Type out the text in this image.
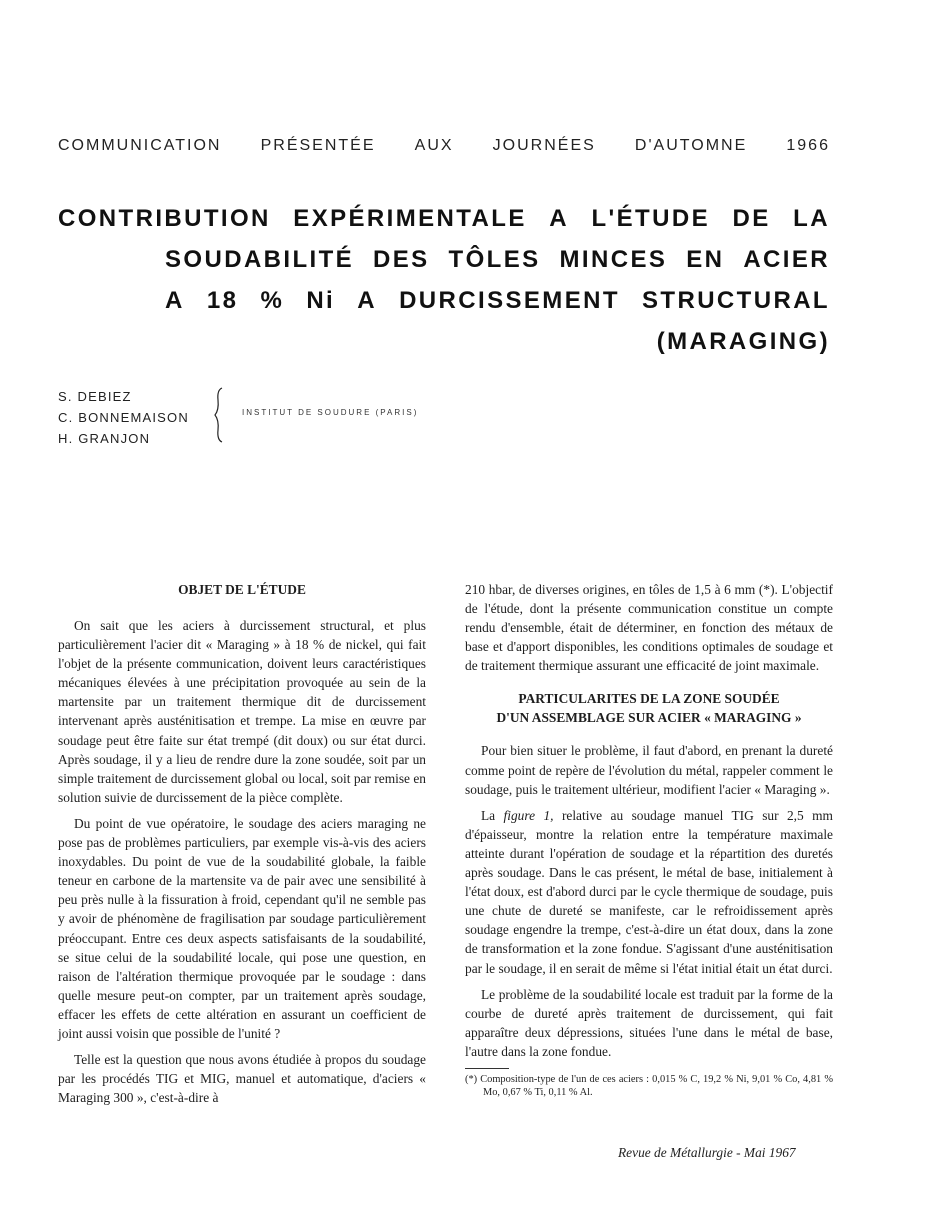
COMMUNICATION PRÉSENTÉE AUX JOURNÉES D'AUTOMNE 1966
CONTRIBUTION EXPÉRIMENTALE A L'ÉTUDE DE LA
SOUDABILITÉ DES TÔLES MINCES EN ACIER
A 18 % Ni A DURCISSEMENT STRUCTURAL
(MARAGING)
S. DEBIEZ
C. BONNEMAISON
H. GRANJON
INSTITUT DE SOUDURE (PARIS)
OBJET DE L'ÉTUDE

On sait que les aciers à durcissement structural, et plus particulièrement l'acier dit « Maraging » à 18 % de nickel, qui fait l'objet de la présente communication, doivent leurs caractéristiques mécaniques élevées à une précipitation provoquée au sein de la martensite par un traitement thermique dit de durcissement intervenant après austénitisation et trempe. La mise en œuvre par soudage peut être faite sur état trempé (dit doux) ou sur état durci. Après soudage, il y a lieu de rendre dure la zone soudée, soit par un simple traitement de durcissement global ou local, soit par remise en solution suivie de durcissement de la pièce complète.

Du point de vue opératoire, le soudage des aciers maraging ne pose pas de problèmes particuliers, par exemple vis-à-vis des aciers inoxydables. Du point de vue de la soudabilité globale, la faible teneur en carbone de la martensite va de pair avec une sensibilité à peu près nulle à la fissuration à froid, cependant qu'il ne semble pas y avoir de phénomène de fragilisation par soudage particulièrement préoccupant. Entre ces deux aspects satisfaisants de la soudabilité, se situe celui de la soudabilité locale, qui pose une question, en raison de l'altération thermique provoquée par le soudage : dans quelle mesure peut-on compter, par un traitement après soudage, effacer les effets de cette altération en assurant un coefficient de joint aussi voisin que possible de l'unité ?

Telle est la question que nous avons étudiée à propos du soudage par les procédés TIG et MIG, manuel et automatique, d'aciers « Maraging 300 », c'est-à-dire à

210 hbar, de diverses origines, en tôles de 1,5 à 6 mm (*). L'objectif de l'étude, dont la présente communication constitue un compte rendu d'ensemble, était de déterminer, en fonction des métaux de base et d'apport disponibles, les conditions optimales de soudage et de traitement thermique assurant une efficacité de joint maximale.

PARTICULARITES DE LA ZONE SOUDÉE
D'UN ASSEMBLAGE SUR ACIER « MARAGING »

Pour bien situer le problème, il faut d'abord, en prenant la dureté comme point de repère de l'évolution du métal, rappeler comment le soudage, puis le traitement ultérieur, modifient l'acier « Maraging ».

La figure 1, relative au soudage manuel TIG sur 2,5 mm d'épaisseur, montre la relation entre la température maximale atteinte durant l'opération de soudage et la répartition des duretés après soudage. Dans le cas présent, le métal de base, initialement à l'état doux, est d'abord durci par le cycle thermique de soudage, puis une chute de dureté se manifeste, car le refroidissement après soudage engendre la trempe, c'est-à-dire un état doux, dans la zone de transformation et la zone fondue. S'agissant d'une austénitisation par le soudage, il en serait de même si l'état initial était un état durci.

Le problème de la soudabilité locale est traduit par la forme de la courbe de dureté après traitement de durcissement, qui fait apparaître deux dépressions, situées l'une dans le métal de base, l'autre dans la zone fondue.

(*) Composition-type de l'un de ces aciers : 0,015 % C, 19,2 % Ni, 9,01 % Co, 4,81 % Mo, 0,67 % Ti, 0,11 % Al.
Revue de Métallurgie - Mai 1967
